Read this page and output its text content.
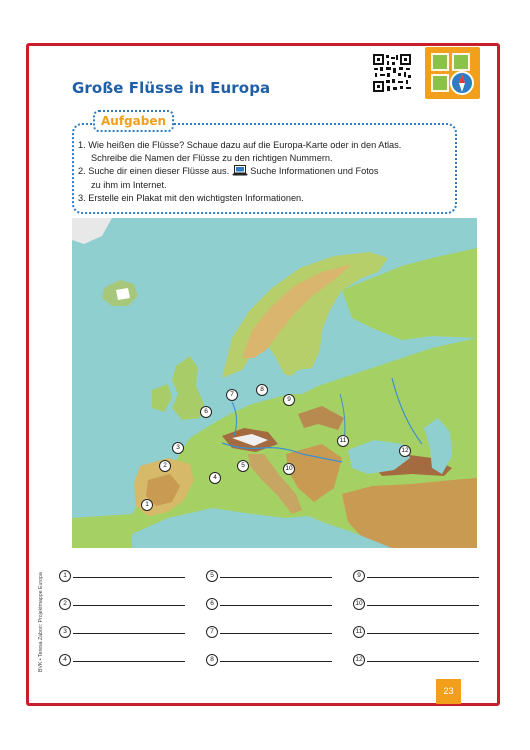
Große Flüsse in Europa
Aufgaben
1. Wie heißen die Flüsse? Schaue dazu auf die Europa-Karte oder in den Atlas.
Schreibe die Namen der Flüsse zu den richtigen Nummern.
2. Suche dir einen dieser Flüsse aus. Suche Informationen und Fotos
zu ihm im Internet.
3. Erstelle ein Plakat mit den wichtigsten Informationen.
1
2
3
4
5
6
7
8
9
10
11
12
1
2
3
4
5
6
7
8
9
10
11
12
BVK • Teresa Zabori: Projektmappe Europa
23
